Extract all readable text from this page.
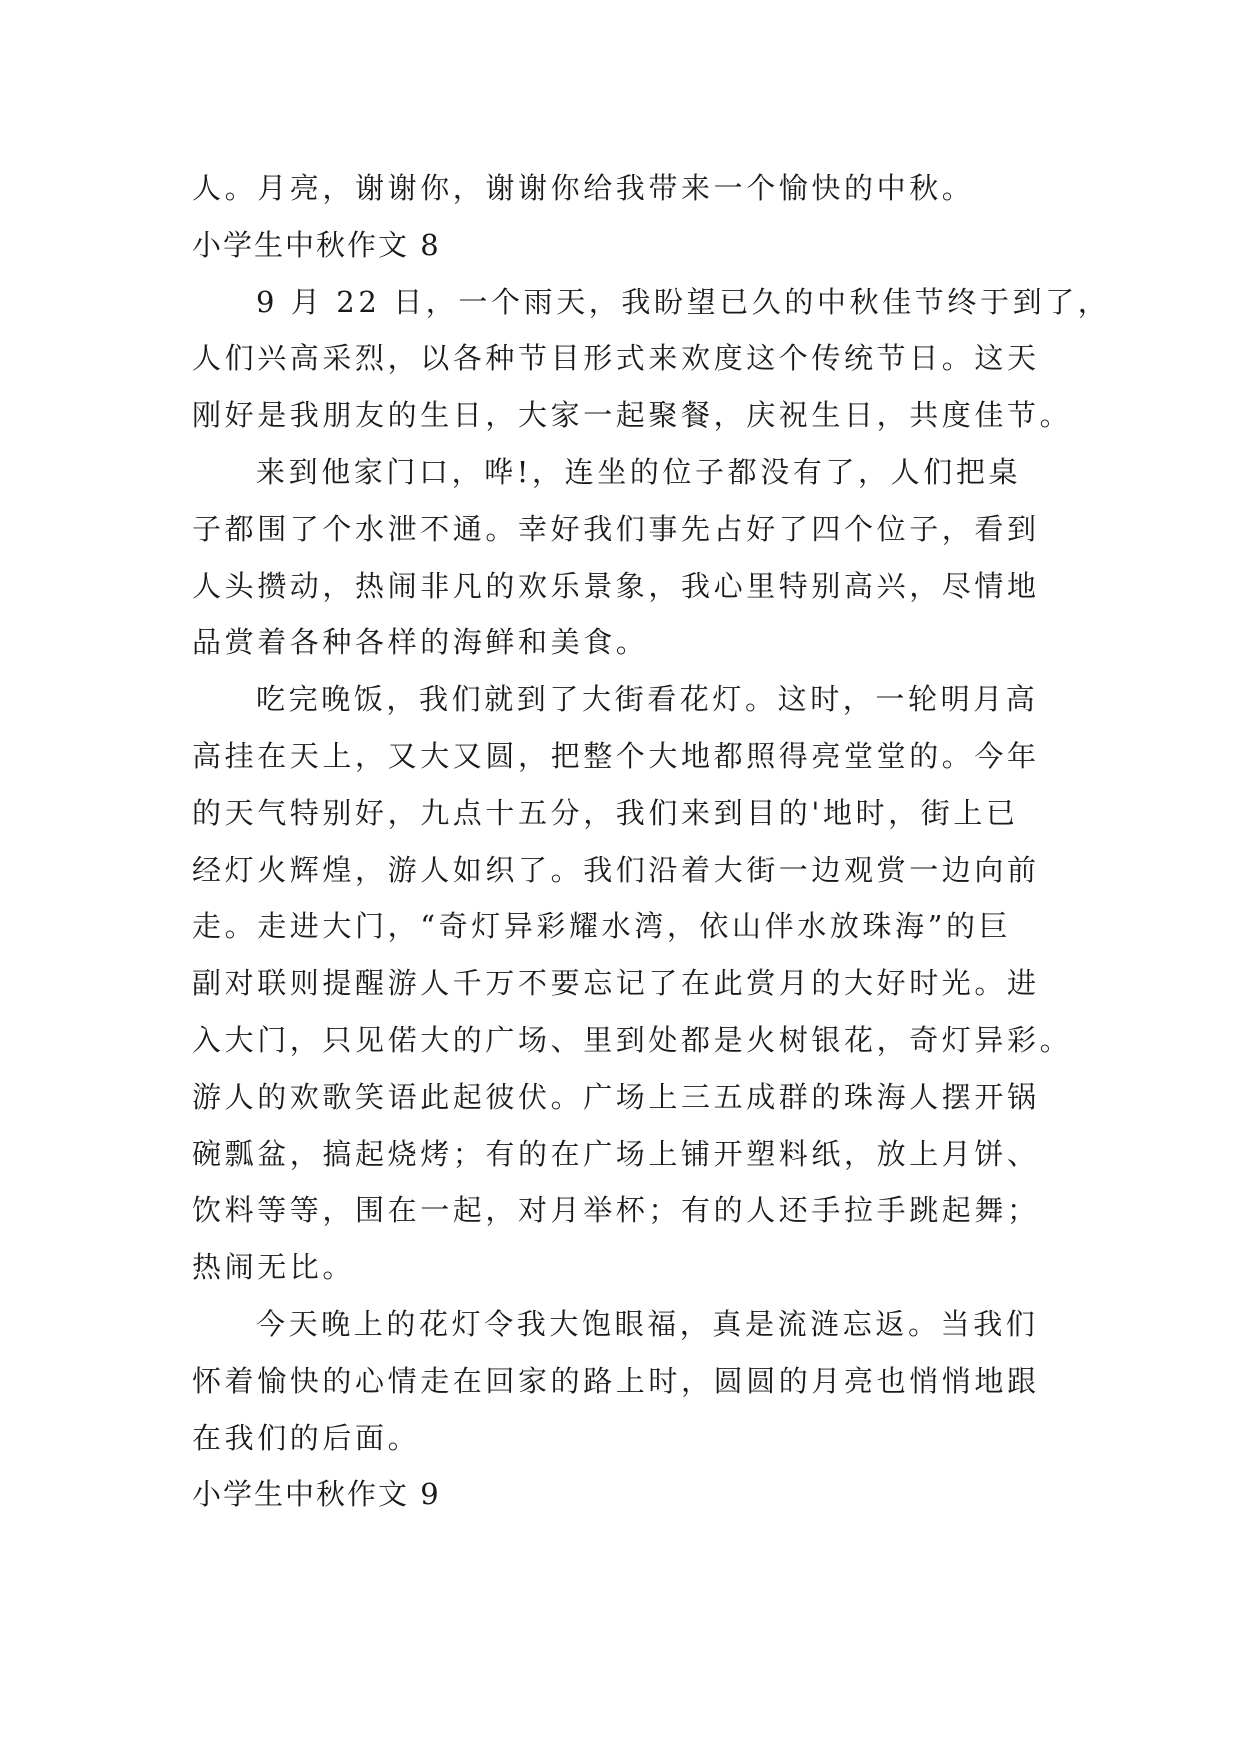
人。月亮，谢谢你，谢谢你给我带来一个愉快的中秋。
小学生中秋作文 8
9 月 22 日，一个雨天，我盼望已久的中秋佳节终于到了，
人们兴高采烈，以各种节目形式来欢度这个传统节日。这天
刚好是我朋友的生日，大家一起聚餐，庆祝生日，共度佳节。
来到他家门口，哗!，连坐的位子都没有了，人们把桌
子都围了个水泄不通。幸好我们事先占好了四个位子，看到
人头攒动，热闹非凡的欢乐景象，我心里特别高兴，尽情地
品赏着各种各样的海鲜和美食。
吃完晚饭，我们就到了大街看花灯。这时，一轮明月高
高挂在天上，又大又圆，把整个大地都照得亮堂堂的。今年
的天气特别好，九点十五分，我们来到目的'地时，街上已
经灯火辉煌，游人如织了。我们沿着大街一边观赏一边向前
走。走进大门，“奇灯异彩耀水湾，依山伴水放珠海”的巨
副对联则提醒游人千万不要忘记了在此赏月的大好时光。进
入大门，只见偌大的广场、里到处都是火树银花，奇灯异彩。
游人的欢歌笑语此起彼伏。广场上三五成群的珠海人摆开锅
碗瓢盆，搞起烧烤；有的在广场上铺开塑料纸，放上月饼、
饮料等等，围在一起，对月举杯；有的人还手拉手跳起舞；
热闹无比。
今天晚上的花灯令我大饱眼福，真是流涟忘返。当我们
怀着愉快的心情走在回家的路上时，圆圆的月亮也悄悄地跟
在我们的后面。
小学生中秋作文 9
